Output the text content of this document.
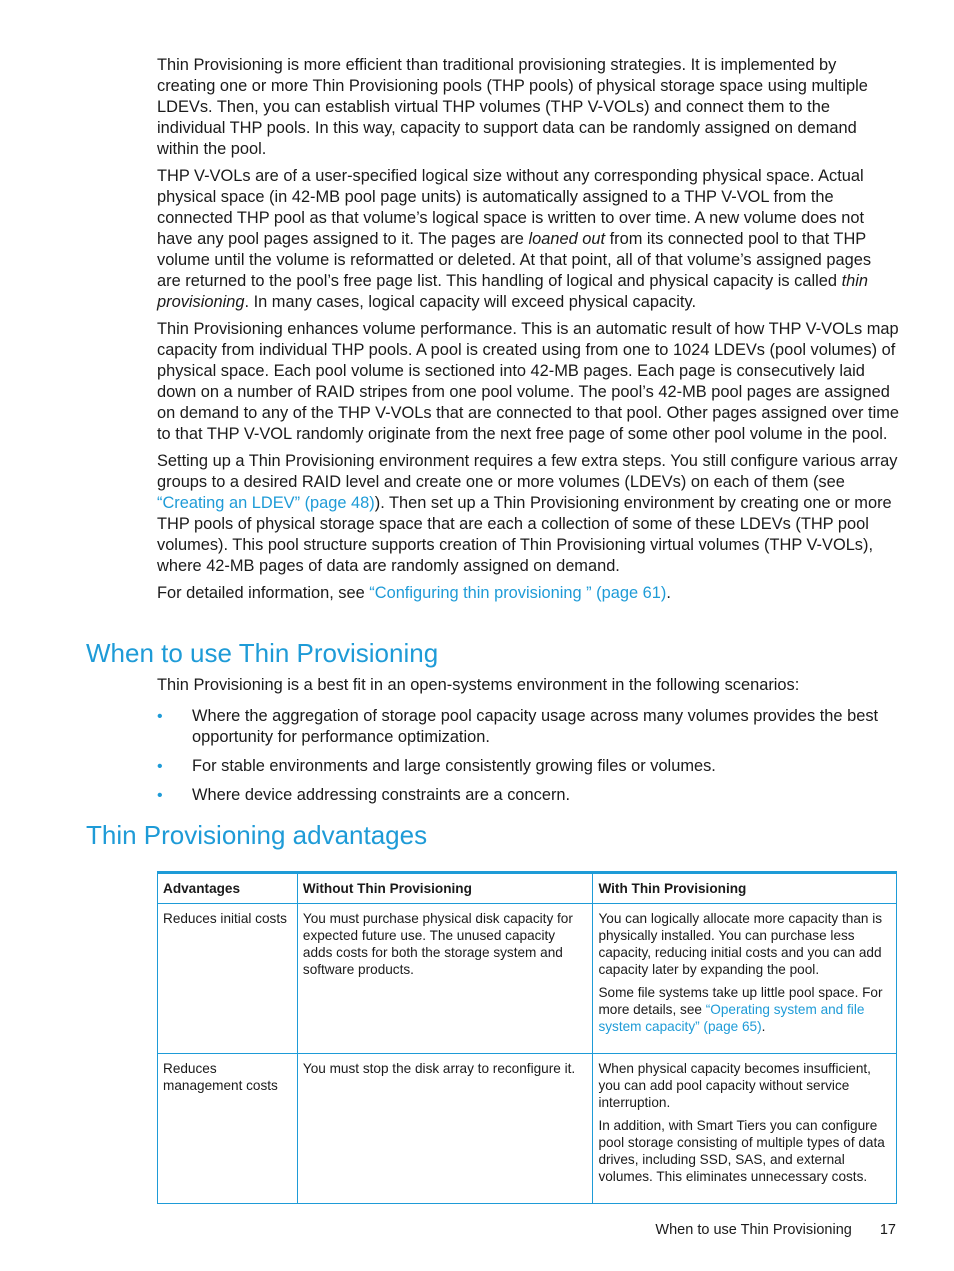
Thin Provisioning is more efficient than traditional provisioning strategies. It is implemented by creating one or more Thin Provisioning pools (THP pools) of physical storage space using multiple LDEVs. Then, you can establish virtual THP volumes (THP V-VOLs) and connect them to the individual THP pools. In this way, capacity to support data can be randomly assigned on demand within the pool.

THP V-VOLs are of a user-specified logical size without any corresponding physical space. Actual physical space (in 42-MB pool page units) is automatically assigned to a THP V-VOL from the connected THP pool as that volume’s logical space is written to over time. A new volume does not have any pool pages assigned to it. The pages are loaned out from its connected pool to that THP volume until the volume is reformatted or deleted. At that point, all of that volume’s assigned pages are returned to the pool’s free page list. This handling of logical and physical capacity is called thin provisioning. In many cases, logical capacity will exceed physical capacity.

Thin Provisioning enhances volume performance. This is an automatic result of how THP V-VOLs map capacity from individual THP pools. A pool is created using from one to 1024 LDEVs (pool volumes) of physical space. Each pool volume is sectioned into 42-MB pages. Each page is consecutively laid down on a number of RAID stripes from one pool volume. The pool’s 42-MB pool pages are assigned on demand to any of the THP V-VOLs that are connected to that pool. Other pages assigned over time to that THP V-VOL randomly originate from the next free page of some other pool volume in the pool.

Setting up a Thin Provisioning environment requires a few extra steps. You still configure various array groups to a desired RAID level and create one or more volumes (LDEVs) on each of them (see “Creating an LDEV” (page 48)). Then set up a Thin Provisioning environment by creating one or more THP pools of physical storage space that are each a collection of some of these LDEVs (THP pool volumes). This pool structure supports creation of Thin Provisioning virtual volumes (THP V-VOLs), where 42-MB pages of data are randomly assigned on demand.

For detailed information, see “Configuring thin provisioning ” (page 61).

When to use Thin Provisioning

Thin Provisioning is a best fit in an open-systems environment in the following scenarios:

• Where the aggregation of storage pool capacity usage across many volumes provides the best opportunity for performance optimization.
• For stable environments and large consistently growing files or volumes.
• Where device addressing constraints are a concern.
Thin Provisioning advantages
Advantages	Without Thin Provisioning	With Thin Provisioning
Reduces initial costs	You must purchase physical disk capacity for expected future use. The unused capacity adds costs for both the storage system and software products.	You can logically allocate more capacity than is physically installed. You can purchase less capacity, reducing initial costs and you can add capacity later by expanding the pool.

Some file systems take up little pool space. For more details, see “Operating system and file system capacity” (page 65).

Reduces management costs	You must stop the disk array to reconfigure it.	When physical capacity becomes insufficient, you can add pool capacity without service interruption.

In addition, with Smart Tiers you can configure pool storage consisting of multiple types of data drives, including SSD, SAS, and external volumes. This eliminates unnecessary costs.

When to use Thin Provisioning 17
